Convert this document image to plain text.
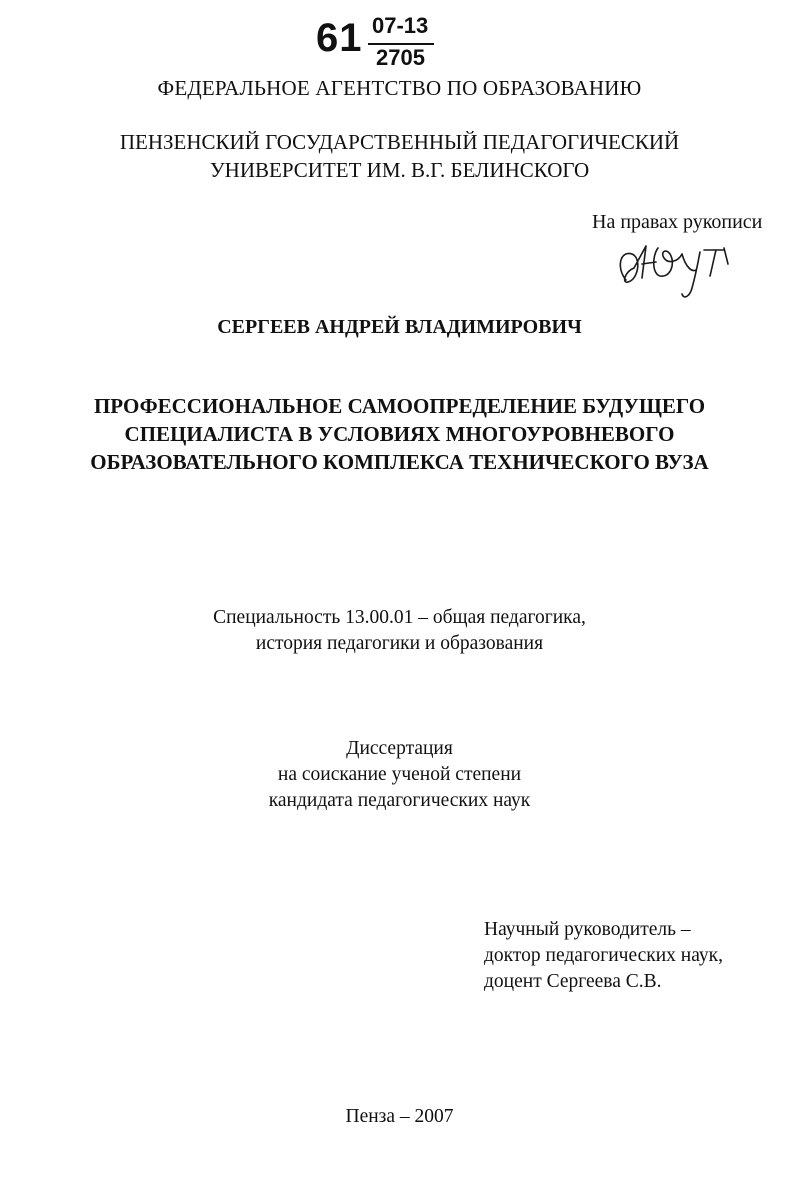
61 07-13
2705
ФЕДЕРАЛЬНОЕ АГЕНТСТВО ПО ОБРАЗОВАНИЮ
ПЕНЗЕНСКИЙ ГОСУДАРСТВЕННЫЙ ПЕДАГОГИЧЕСКИЙ
УНИВЕРСИТЕТ ИМ. В.Г. БЕЛИНСКОГО
На правах рукописи
СЕРГЕЕВ АНДРЕЙ ВЛАДИМИРОВИЧ
ПРОФЕССИОНАЛЬНОЕ САМООПРЕДЕЛЕНИЕ БУДУЩЕГО
СПЕЦИАЛИСТА В УСЛОВИЯХ МНОГОУРОВНЕВОГО
ОБРАЗОВАТЕЛЬНОГО КОМПЛЕКСА ТЕХНИЧЕСКОГО ВУЗА
Специальность 13.00.01 – общая педагогика,
история педагогики и образования
Диссертация
на соискание ученой степени
кандидата педагогических наук
Научный руководитель –
доктор педагогических наук,
доцент Сергеева С.В.
Пенза – 2007
